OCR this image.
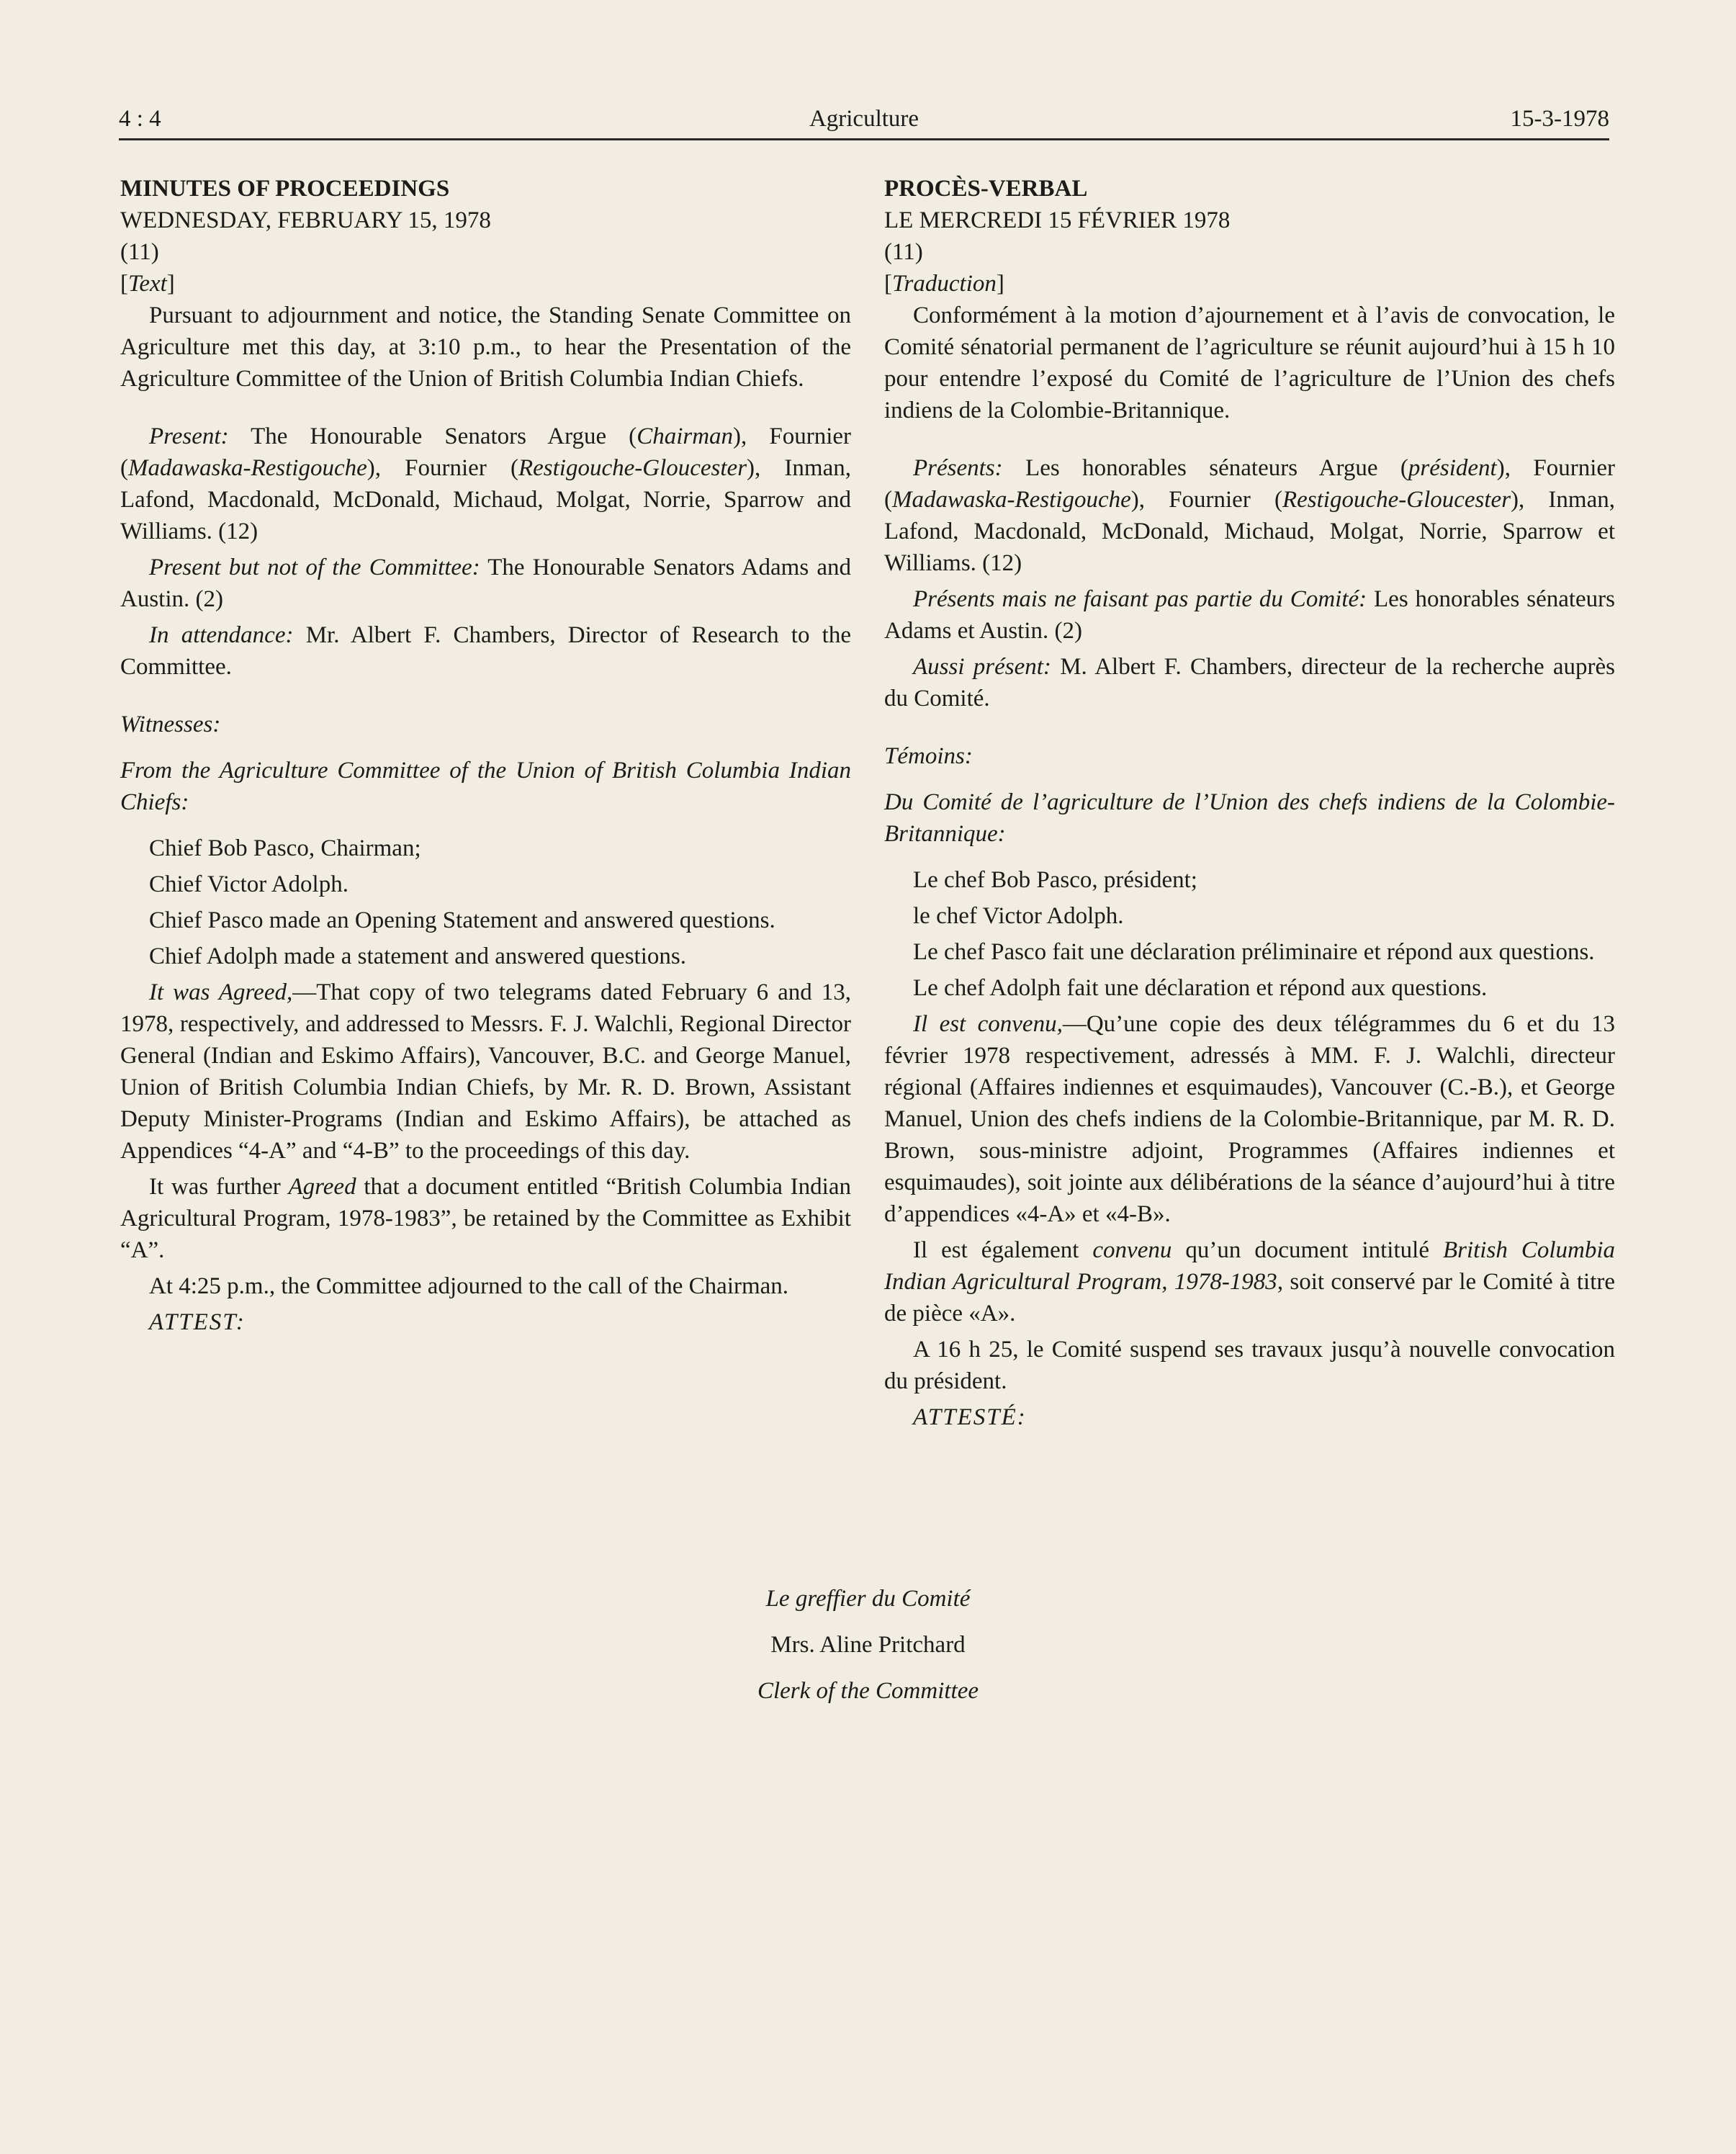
4 : 4	Agriculture	15-3-1978

MINUTES OF PROCEEDINGS

WEDNESDAY, FEBRUARY 15, 1978

(11)

[Text]

Pursuant to adjournment and notice, the Standing Senate Committee on Agriculture met this day, at 3:10 p.m., to hear the Presentation of the Agriculture Committee of the Union of British Columbia Indian Chiefs.

Present: The Honourable Senators Argue (Chairman), Fournier (Madawaska-Restigouche), Fournier (Restigouche-Gloucester), Inman, Lafond, Macdonald, McDonald, Michaud, Molgat, Norrie, Sparrow and Williams. (12)

Present but not of the Committee: The Honourable Senators Adams and Austin. (2)

In attendance: Mr. Albert F. Chambers, Director of Research to the Committee.

Witnesses:

From the Agriculture Committee of the Union of British Columbia Indian Chiefs:

Chief Bob Pasco, Chairman;

Chief Victor Adolph.

Chief Pasco made an Opening Statement and answered questions.

Chief Adolph made a statement and answered questions.

It was Agreed,—That copy of two telegrams dated February 6 and 13, 1978, respectively, and addressed to Messrs. F. J. Walchli, Regional Director General (Indian and Eskimo Affairs), Vancouver, B.C. and George Manuel, Union of British Columbia Indian Chiefs, by Mr. R. D. Brown, Assistant Deputy Minister-Programs (Indian and Eskimo Affairs), be attached as Appendices “4-A” and “4-B” to the proceedings of this day.

It was further Agreed that a document entitled “British Columbia Indian Agricultural Program, 1978-1983”, be retained by the Committee as Exhibit “A”.

At 4:25 p.m., the Committee adjourned to the call of the Chairman.

ATTEST:

PROCÈS-VERBAL

LE MERCREDI 15 FÉVRIER 1978

(11)

[Traduction]

Conformément à la motion d’ajournement et à l’avis de convocation, le Comité sénatorial permanent de l’agriculture se réunit aujourd’hui à 15 h 10 pour entendre l’exposé du Comité de l’agriculture de l’Union des chefs indiens de la Colombie-Britannique.

Présents: Les honorables sénateurs Argue (président), Fournier (Madawaska-Restigouche), Fournier (Restigouche-Gloucester), Inman, Lafond, Macdonald, McDonald, Michaud, Molgat, Norrie, Sparrow et Williams. (12)

Présents mais ne faisant pas partie du Comité: Les honorables sénateurs Adams et Austin. (2)

Aussi présent: M. Albert F. Chambers, directeur de la recherche auprès du Comité.

Témoins:

Du Comité de l’agriculture de l’Union des chefs indiens de la Colombie-Britannique:

Le chef Bob Pasco, président;

le chef Victor Adolph.

Le chef Pasco fait une déclaration préliminaire et répond aux questions.

Le chef Adolph fait une déclaration et répond aux questions.

Il est convenu,—Qu’une copie des deux télégrammes du 6 et du 13 février 1978 respectivement, adressés à MM. F. J. Walchli, directeur régional (Affaires indiennes et esquimaudes), Vancouver (C.-B.), et George Manuel, Union des chefs indiens de la Colombie-Britannique, par M. R. D. Brown, sous-ministre adjoint, Programmes (Affaires indiennes et esquimaudes), soit jointe aux délibérations de la séance d’aujourd’hui à titre d’appendices «4-A» et «4-B».

Il est également convenu qu’un document intitulé British Columbia Indian Agricultural Program, 1978-1983, soit conservé par le Comité à titre de pièce «A».

A 16 h 25, le Comité suspend ses travaux jusqu’à nouvelle convocation du président.

ATTESTÉ:

Le greffier du Comité
Mrs. Aline Pritchard
Clerk of the Committee
